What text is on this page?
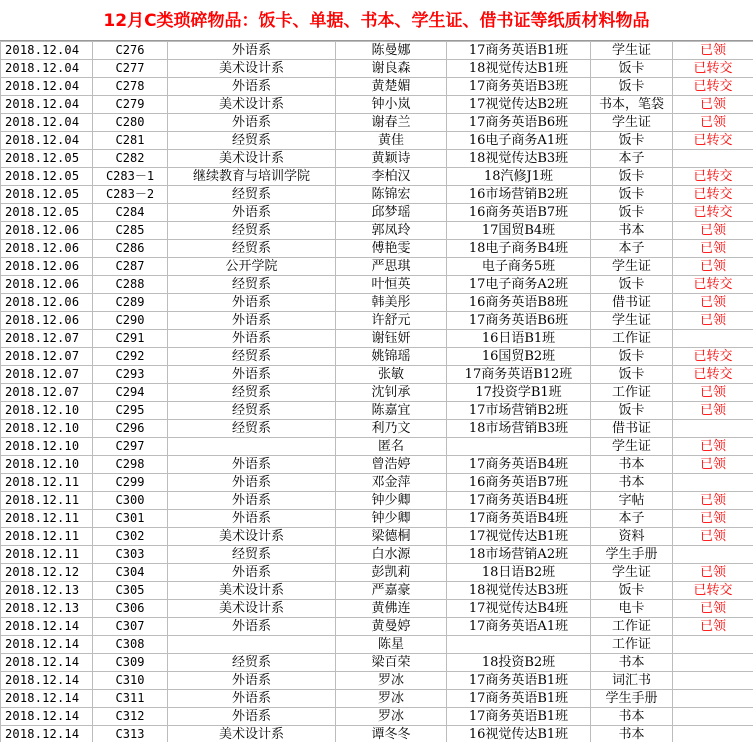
12月C类琐碎物品：饭卡、单据、书本、学生证、借书证等纸质材料物品
2018.12.04	C276	外语系	陈曼娜	17商务英语B1班	学生证	已领
2018.12.04	C277	美术设计系	谢良森	18视觉传达B1班	饭卡	已转交
2018.12.04	C278	外语系	黄楚媚	17商务英语B3班	饭卡	已转交
2018.12.04	C279	美术设计系	钟小岚	17视觉传达B2班	书本，笔袋	已领
2018.12.04	C280	外语系	谢春兰	17商务英语B6班	学生证	已领
2018.12.04	C281	经贸系	黄佳	16电子商务A1班	饭卡	已转交
2018.12.05	C282	美术设计系	黄颖诗	18视觉传达B3班	本子	
2018.12.05	C283－1	继续教育与培训学院	李柏汉	18汽修J1班	饭卡	已转交
2018.12.05	C283－2	经贸系	陈锦宏	16市场营销B2班	饭卡	已转交
2018.12.05	C284	外语系	邱梦瑶	16商务英语B7班	饭卡	已转交
2018.12.06	C285	经贸系	郭凤玲	17国贸B4班	书本	已领
2018.12.06	C286	经贸系	傅艳雯	18电子商务B4班	本子	已领
2018.12.06	C287	公开学院	严思琪	电子商务5班	学生证	已领
2018.12.06	C288	经贸系	叶恒英	17电子商务A2班	饭卡	已转交
2018.12.06	C289	外语系	韩美彤	16商务英语B8班	借书证	已领
2018.12.06	C290	外语系	许舒元	17商务英语B6班	学生证	已领
2018.12.07	C291	外语系	谢钰妍	16日语B1班	工作证	
2018.12.07	C292	经贸系	姚锦瑶	16国贸B2班	饭卡	已转交
2018.12.07	C293	外语系	张敏	17商务英语B12班	饭卡	已转交
2018.12.07	C294	经贸系	沈钊承	17投资学B1班	工作证	已领
2018.12.10	C295	经贸系	陈嘉宜	17市场营销B2班	饭卡	已领
2018.12.10	C296	经贸系	利乃文	18市场营销B3班	借书证	
2018.12.10	C297		匿名		学生证	已领
2018.12.10	C298	外语系	曾浩婷	17商务英语B4班	书本	已领
2018.12.11	C299	外语系	邓金萍	16商务英语B7班	书本	
2018.12.11	C300	外语系	钟少卿	17商务英语B4班	字帖	已领
2018.12.11	C301	外语系	钟少卿	17商务英语B4班	本子	已领
2018.12.11	C302	美术设计系	梁德桐	17视觉传达B1班	资料	已领
2018.12.11	C303	经贸系	白水源	18市场营销A2班	学生手册	
2018.12.12	C304	外语系	彭凯莉	18日语B2班	学生证	已领
2018.12.13	C305	美术设计系	严嘉豪	18视觉传达B3班	饭卡	已转交
2018.12.13	C306	美术设计系	黄佛连	17视觉传达B4班	电卡	已领
2018.12.14	C307	外语系	黄曼婷	17商务英语A1班	工作证	已领
2018.12.14	C308		陈星		工作证	
2018.12.14	C309	经贸系	梁百荣	18投资B2班	书本	
2018.12.14	C310	外语系	罗冰	17商务英语B1班	词汇书	
2018.12.14	C311	外语系	罗冰	17商务英语B1班	学生手册	
2018.12.14	C312	外语系	罗冰	17商务英语B1班	书本	
2018.12.14	C313	美术设计系	谭冬冬	16视觉传达B1班	书本	
